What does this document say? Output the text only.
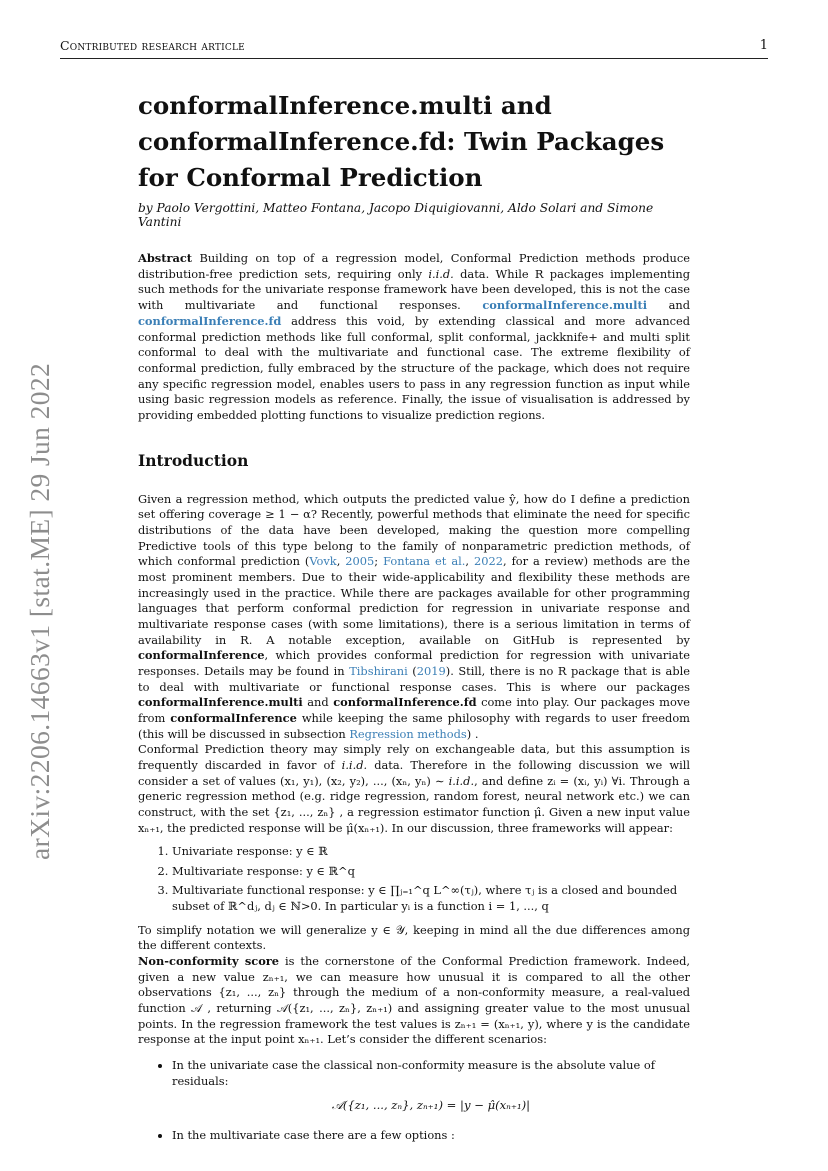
Contributed research article	1
arXiv:2206.14663v1 [stat.ME] 29 Jun 2022
conformalInference.multi and conformalInference.fd: Twin Packages for Conformal Prediction
by Paolo Vergottini, Matteo Fontana, Jacopo Diquigiovanni, Aldo Solari and Simone Vantini
Abstract Building on top of a regression model, Conformal Prediction methods produce distribution-free prediction sets, requiring only i.i.d. data. While R packages implementing such methods for the univariate response framework have been developed, this is not the case with multivariate and functional responses. conformalInference.multi and conformalInference.fd address this void, by extending classical and more advanced conformal prediction methods like full conformal, split conformal, jackknife+ and multi split conformal to deal with the multivariate and functional case. The extreme flexibility of conformal prediction, fully embraced by the structure of the package, which does not require any specific regression model, enables users to pass in any regression function as input while using basic regression models as reference. Finally, the issue of visualisation is addressed by providing embedded plotting functions to visualize prediction regions.
Introduction

Given a regression method, which outputs the predicted value ŷ, how do I define a prediction set offering coverage ≥ 1 − α? Recently, powerful methods that eliminate the need for specific distributions of the data have been developed, making the question more compelling Predictive tools of this type belong to the family of nonparametric prediction methods, of which conformal prediction (Vovk, 2005; Fontana et al., 2022, for a review) methods are the most prominent members. Due to their wide-applicability and flexibility these methods are increasingly used in the practice. While there are packages available for other programming languages that perform conformal prediction for regression in univariate response and multivariate response cases (with some limitations), there is a serious limitation in terms of availability in R. A notable exception, available on GitHub is represented by conformalInference, which provides conformal prediction for regression with univariate responses. Details may be found in Tibshirani (2019). Still, there is no R package that is able to deal with multivariate or functional response cases. This is where our packages conformalInference.multi and conformalInference.fd come into play. Our packages move from conformalInference while keeping the same philosophy with regards to user freedom (this will be discussed in subsection Regression methods) .

Conformal Prediction theory may simply rely on exchangeable data, but this assumption is frequently discarded in favor of i.i.d. data. Therefore in the following discussion we will consider a set of values (x₁, y₁), (x₂, y₂), ..., (xₙ, yₙ) ∼ i.i.d., and define zᵢ = (xᵢ, yᵢ) ∀i. Through a generic regression method (e.g. ridge regression, random forest, neural network etc.) we can construct, with the set {z₁, ..., zₙ} , a regression estimator function μ̂. Given a new input value xₙ₊₁, the predicted response will be μ̂(xₙ₊₁). In our discussion, three frameworks will appear:

1. Univariate response: y ∈ ℝ
2. Multivariate response: y ∈ ℝ^q
3. Multivariate functional response: y ∈ ∏ⱼ₌₁^q L^∞(τⱼ), where τⱼ is a closed and bounded subset of ℝ^dⱼ, dⱼ ∈ ℕ>0. In particular yᵢ is a function i = 1, ..., q

To simplify notation we will generalize y ∈ 𝒴, keeping in mind all the due differences among the different contexts.

Non-conformity score is the cornerstone of the Conformal Prediction framework. Indeed, given a new value zₙ₊₁, we can measure how unusual it is compared to all the other observations {z₁, ..., zₙ} through the medium of a non-conformity measure, a real-valued function 𝒜 , returning 𝒜({z₁, ..., zₙ}, zₙ₊₁) and assigning greater value to the most unusual points. In the regression framework the test values is zₙ₊₁ = (xₙ₊₁, y), where y is the candidate response at the input point xₙ₊₁. Let’s consider the different scenarios:

• In the univariate case the classical non-conformity measure is the absolute value of residuals:
𝒜({z₁, ..., zₙ}, zₙ₊₁) = |y − μ̂(xₙ₊₁)|
• In the multivariate case there are a few options :
